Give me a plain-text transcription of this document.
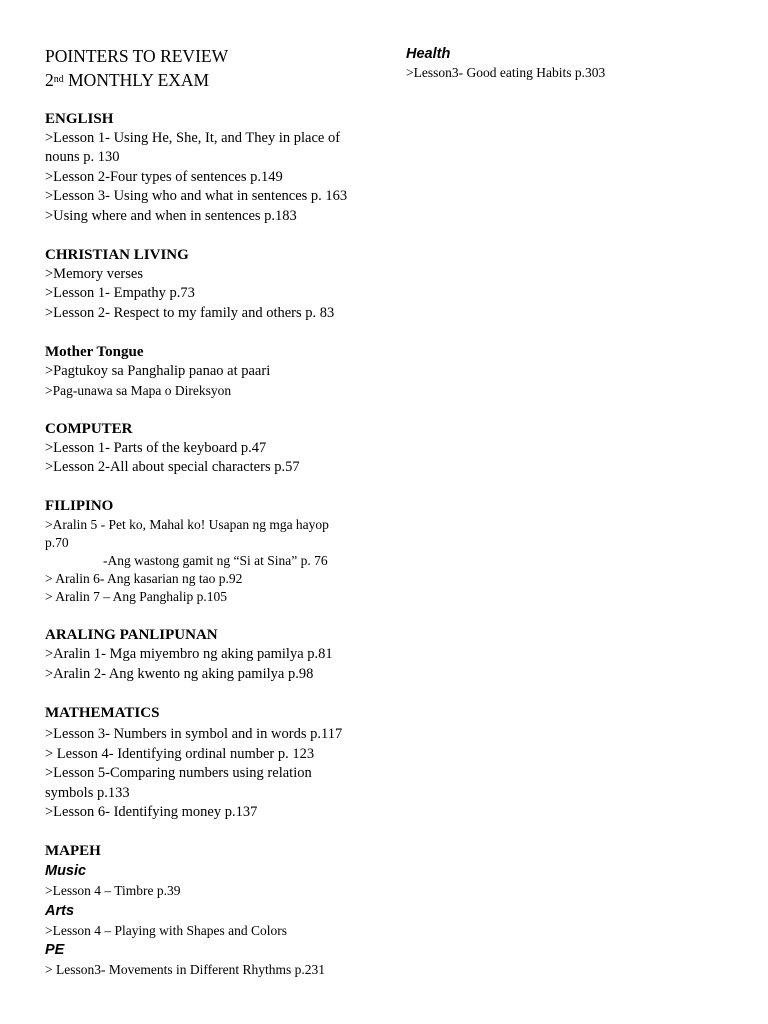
POINTERS TO REVIEW
2nd MONTHLY EXAM
ENGLISH
>Lesson 1- Using He, She, It, and They in place of
nouns p. 130
>Lesson 2-Four types of sentences p.149
>Lesson 3- Using who and what in sentences p. 163
>Using where and when in sentences p.183
CHRISTIAN LIVING
>Memory verses
>Lesson 1- Empathy p.73
>Lesson 2- Respect to my family and others p. 83
Mother Tongue
>Pagtukoy sa Panghalip panao at paari
>Pag-unawa sa Mapa o Direksyon
COMPUTER
>Lesson 1- Parts of the keyboard p.47
>Lesson 2-All about special characters p.57
FILIPINO
>Aralin 5 - Pet ko, Mahal ko! Usapan ng mga hayop
p.70
-Ang wastong gamit ng “Si at Sina” p. 76
> Aralin 6- Ang kasarian ng tao p.92
> Aralin 7 – Ang Panghalip p.105
ARALING PANLIPUNAN
>Aralin 1- Mga miyembro ng aking pamilya p.81
>Aralin 2- Ang kwento ng aking pamilya p.98
MATHEMATICS
>Lesson 3- Numbers in symbol and in words p.117
> Lesson 4- Identifying ordinal number p. 123
>Lesson 5-Comparing numbers using relation
symbols p.133
>Lesson 6- Identifying money p.137
MAPEH
Music
>Lesson 4 – Timbre p.39
Arts
>Lesson 4 – Playing with Shapes and Colors
PE
> Lesson3- Movements in Different Rhythms p.231
Health
>Lesson3- Good eating Habits p.303
